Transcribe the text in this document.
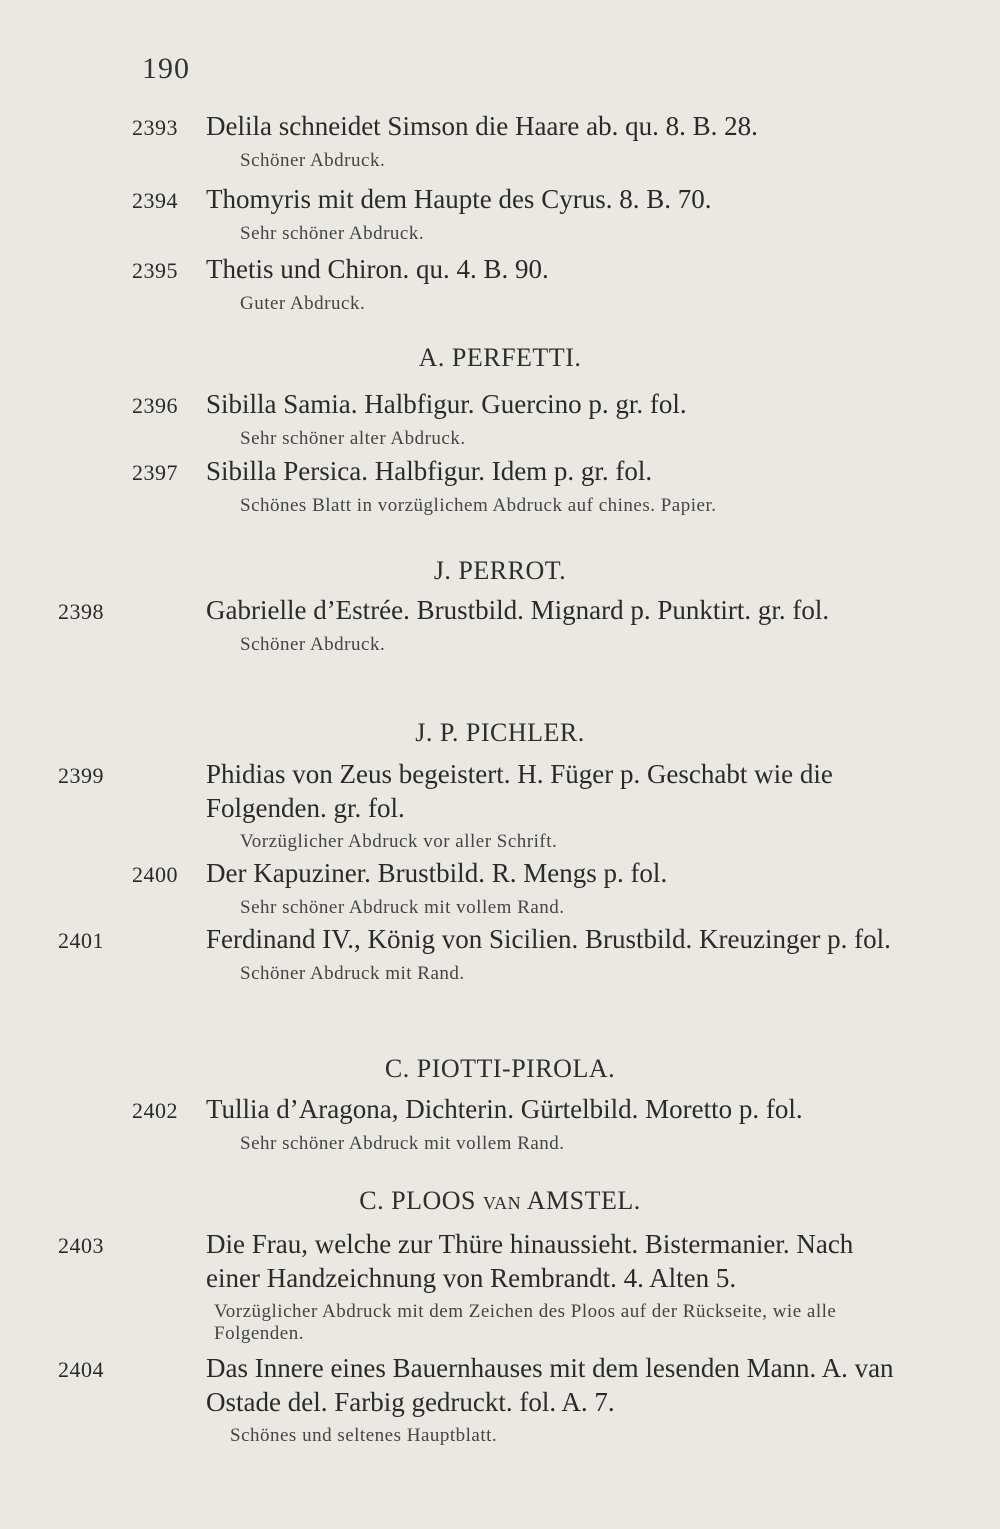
190
2393 Delila schneidet Simson die Haare ab. qu. 8. B. 28.
Schöner Abdruck.
2394 Thomyris mit dem Haupte des Cyrus. 8. B. 70.
Sehr schöner Abdruck.
2395 Thetis und Chiron. qu. 4. B. 90.
Guter Abdruck.
A. PERFETTI.
2396 Sibilla Samia. Halbfigur. Guercino p. gr. fol.
Sehr schöner alter Abdruck.
2397 Sibilla Persica. Halbfigur. Idem p. gr. fol.
Schönes Blatt in vorzüglichem Abdruck auf chines. Papier.
J. PERROT.
2398	Gabrielle d’Estrée. Brustbild. Mignard p. Punktirt. gr. fol.
Schöner Abdruck.
J. P. PICHLER.
2399	Phidias von Zeus begeistert. H. Füger p. Geschabt wie die Folgenden. gr. fol.
Vorzüglicher Abdruck vor aller Schrift.
2400 Der Kapuziner. Brustbild. R. Mengs p. fol.
Sehr schöner Abdruck mit vollem Rand.
2401	Ferdinand IV., König von Sicilien. Brustbild. Kreuzinger p. fol.
Schöner Abdruck mit Rand.
C. PIOTTI-PIROLA.
2402 Tullia d’Aragona, Dichterin. Gürtelbild. Moretto p. fol.
Sehr schöner Abdruck mit vollem Rand.
C. PLOOS VAN AMSTEL.
2403	Die Frau, welche zur Thüre hinaussieht. Bistermanier. Nach einer Handzeichnung von Rembrandt. 4. Alten 5.
Vorzüglicher Abdruck mit dem Zeichen des Ploos auf der Rückseite, wie alle Folgenden.
2404	Das Innere eines Bauernhauses mit dem lesenden Mann. A. van Ostade del. Farbig gedruckt. fol. A. 7.
Schönes und seltenes Hauptblatt.
